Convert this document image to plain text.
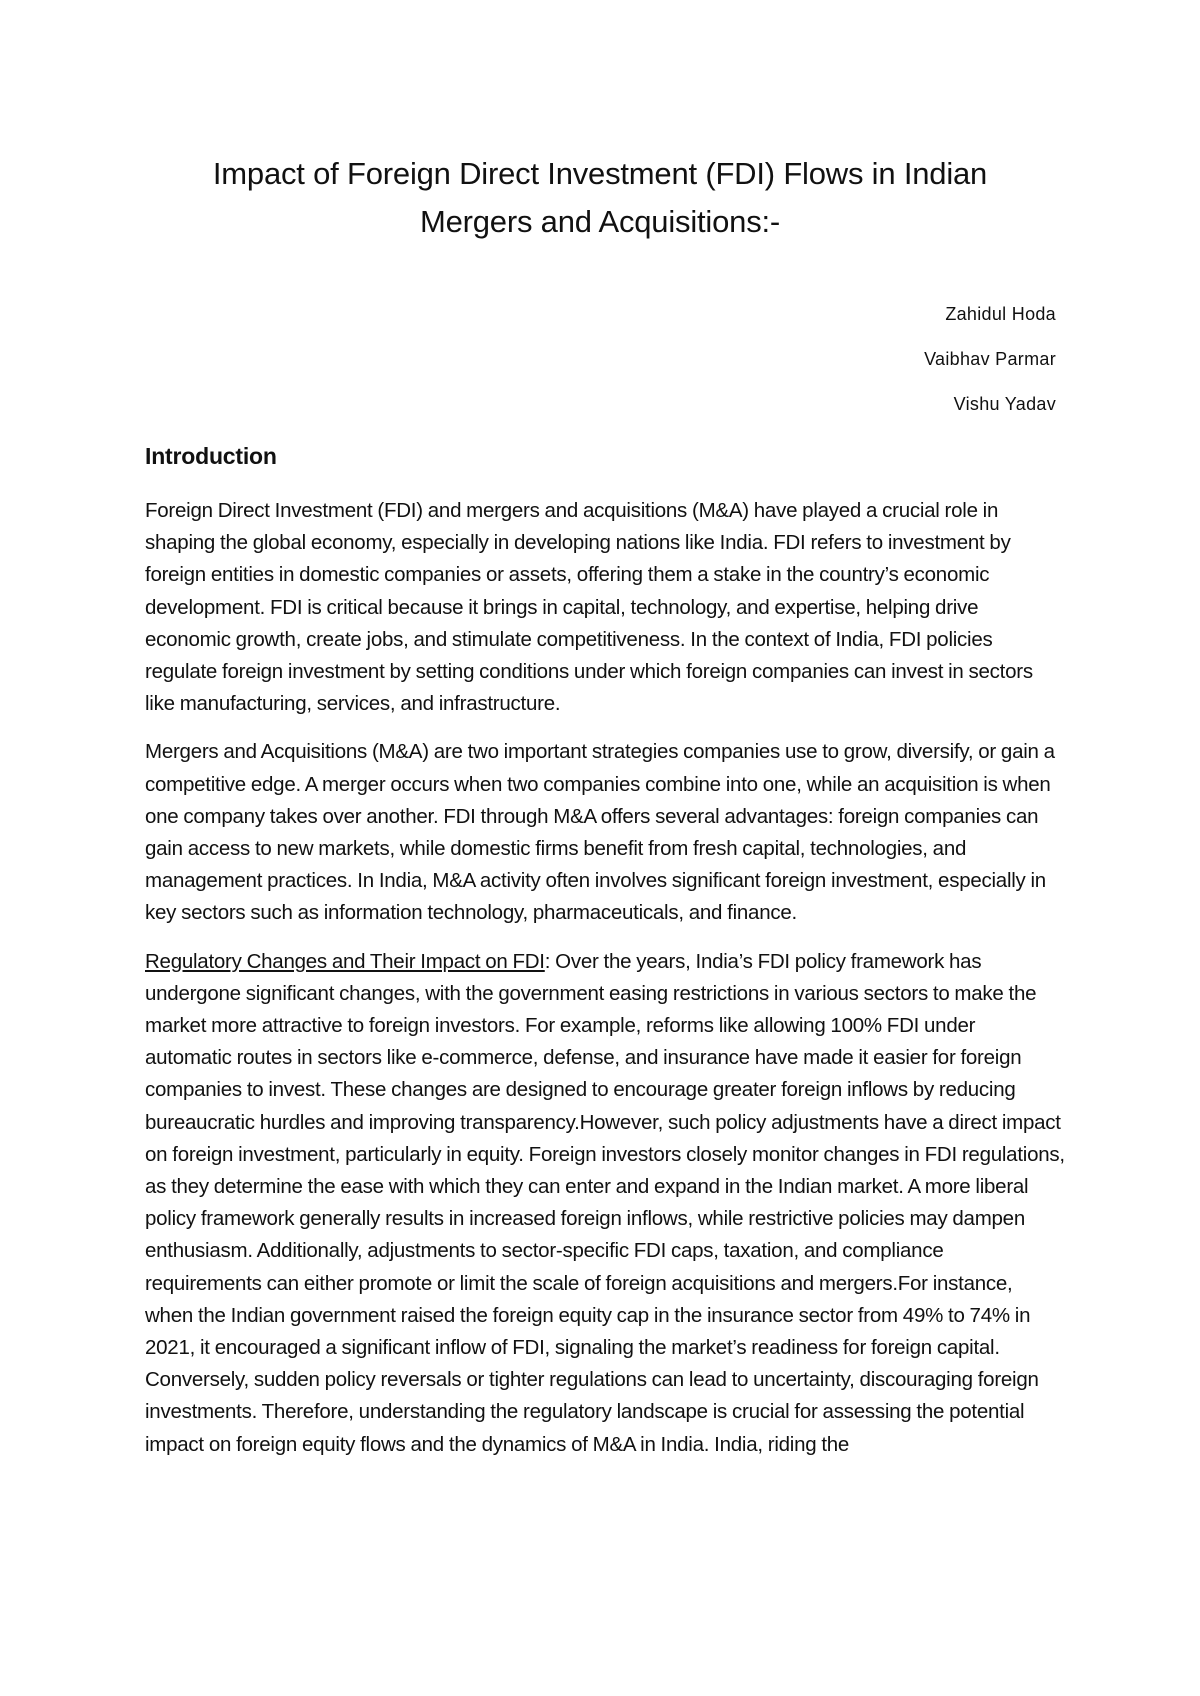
Impact of Foreign Direct Investment (FDI) Flows in Indian
Mergers and Acquisitions:-
Zahidul Hoda
Vaibhav Parmar
Vishu Yadav
Introduction

Foreign Direct Investment (FDI) and mergers and acquisitions (M&A) have played a crucial role in shaping the global economy, especially in developing nations like India. FDI refers to investment by foreign entities in domestic companies or assets, offering them a stake in the country’s economic development. FDI is critical because it brings in capital, technology, and expertise, helping drive economic growth, create jobs, and stimulate competitiveness. In the context of India, FDI policies regulate foreign investment by setting conditions under which foreign companies can invest in sectors like manufacturing, services, and infrastructure.

Mergers and Acquisitions (M&A) are two important strategies companies use to grow, diversify, or gain a competitive edge. A merger occurs when two companies combine into one, while an acquisition is when one company takes over another. FDI through M&A offers several advantages: foreign companies can gain access to new markets, while domestic firms benefit from fresh capital, technologies, and management practices. In India, M&A activity often involves significant foreign investment, especially in key sectors such as information technology, pharmaceuticals, and finance.

Regulatory Changes and Their Impact on FDI: Over the years, India’s FDI policy framework has undergone significant changes, with the government easing restrictions in various sectors to make the market more attractive to foreign investors. For example, reforms like allowing 100% FDI under automatic routes in sectors like e-commerce, defense, and insurance have made it easier for foreign companies to invest. These changes are designed to encourage greater foreign inflows by reducing bureaucratic hurdles and improving transparency.However, such policy adjustments have a direct impact on foreign investment, particularly in equity. Foreign investors closely monitor changes in FDI regulations, as they determine the ease with which they can enter and expand in the Indian market. A more liberal policy framework generally results in increased foreign inflows, while restrictive policies may dampen enthusiasm. Additionally, adjustments to sector-specific FDI caps, taxation, and compliance requirements can either promote or limit the scale of foreign acquisitions and mergers.For instance, when the Indian government raised the foreign equity cap in the insurance sector from 49% to 74% in 2021, it encouraged a significant inflow of FDI, signaling the market’s readiness for foreign capital. Conversely, sudden policy reversals or tighter regulations can lead to uncertainty, discouraging foreign investments. Therefore, understanding the regulatory landscape is crucial for assessing the potential impact on foreign equity flows and the dynamics of M&A in India. India, riding the
